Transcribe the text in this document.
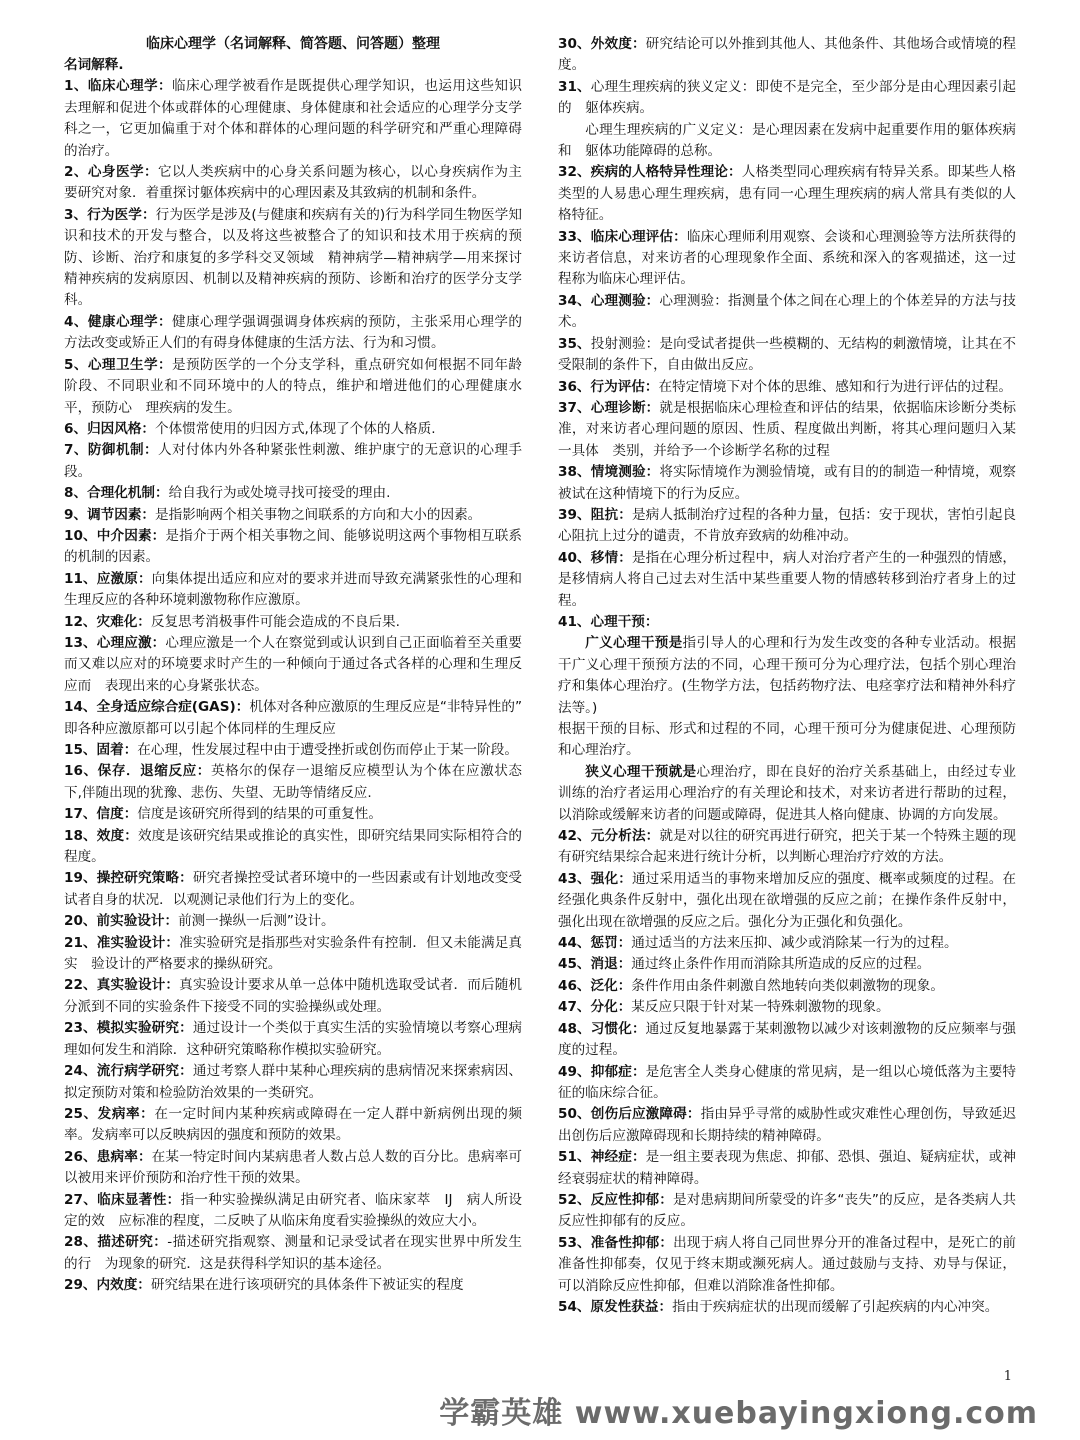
临床心理学（名词解释、简答题、问答题）整理

名词解释.

1、临床心理学：临床心理学被看作是既提供心理学知识，也运用这些知识去理解和促进个体或群体的心理健康、身体健康和社会适应的心理学分支学科之一，它更加偏重于对个体和群体的心理问题的科学研究和严重心理障碍的治疗。

2、心身医学：它以人类疾病中的心身关系问题为核心，以心身疾病作为主要研究对象．着重探讨躯体疾病中的心理因素及其致病的机制和条件。

3、行为医学：行为医学是涉及(与健康和疾病有关的)行为科学同生物医学知识和技术的开发与整合，以及将这些被整合了的知识和技术用于疾病的预防、诊断、治疗和康复的多学科交叉领域　精神病学—精神病学—用来探讨精神疾病的发病原因、机制以及精神疾病的预防、诊断和治疗的医学分支学科。

4、健康心理学：健康心理学强调强调身体疾病的预防，主张采用心理学的方法改变或矫正人们的有碍身体健康的生活方法、行为和习惯。

5、心理卫生学：是预防医学的一个分支学科，重点研究如何根据不同年龄阶段、不同职业和不同环境中的人的特点，维护和增进他们的心理健康水平，预防心　理疾病的发生。

6、归因风格：个体惯常使用的归因方式,体现了个体的人格质.

7、防御机制：人对付体内外各种紧张性刺激、维护康宁的无意识的心理手段。

8、合理化机制：给自我行为或处境寻找可接受的理由.

9、调节因素：是指影响两个相关事物之间联系的方向和大小的因素。

10、中介因素：是指介于两个相关事物之间、能够说明这两个事物相互联系的机制的因素。

11、应激原：向集体提出适应和应对的要求并进而导致充满紧张性的心理和生理反应的各种环境刺激物称作应激原。

12、灾难化：反复思考消极事件可能会造成的不良后果.

13、心理应激：心理应激是一个人在察觉到或认识到自己正面临着至关重要而又难以应对的环境要求时产生的一种倾向于通过各式各样的心理和生理反应而　表现出来的心身紧张状态。

14、全身适应综合症(GAS)：机体对各种应激原的生理反应是“非特异性的”　即各种应激原都可以引起个体同样的生理反应

15、固着：在心理，性发展过程中由于遭受挫折或创伤而停止于某一阶段。

16、保存．退缩反应：英格尔的保存一退缩反应模型认为个体在应激状态下,伴随出现的犹豫、悲伤、失望、无助等情绪反应.

17、信度：信度是该研究所得到的结果的可重复性。

18、效度：效度是该研究结果或推论的真实性，即研究结果同实际相符合的程度。

19、操控研究策略：研究者操控受试者环境中的一些因素或有计划地改变受试者自身的状况．以观测记录他们行为上的变化。

20、前实验设计：前测一操纵一后测”设计。

21、准实验设计：准实验研究是指那些对实验条件有控制．但又未能满足真实　验设计的严格要求的操纵研究。

22、真实验设计：真实验设计要求从单一总体中随机选取受试者．而后随机分派到不同的实验条件下接受不同的实验操纵或处理。

23、模拟实验研究：通过设计一个类似于真实生活的实验情境以考察心理病理如何发生和消除．这种研究策略称作模拟实验研究。

24、流行病学研究：通过考察人群中某种心理疾病的患病情况来探索病因、拟定预防对策和检验防治效果的一类研究。

25、发病率：在一定时间内某种疾病或障碍在一定人群中新病例出现的频率。发病率可以反映病因的强度和预防的效果。

26、患病率：在某一特定时间内某病患者人数占总人数的百分比。患病率可以被用来评价预防和治疗性干预的效果。

27、临床显著性：指一种实验操纵满足由研究者、临床家萃　IJ　病人所设定的效　应标准的程度，二反映了从临床角度看实验操纵的效应大小。

28、描述研究：-描述研究指观察、测量和记录受试者在现实世界中所发生的行　为现象的研究．这是获得科学知识的基本途径。

29、内效度：研究结果在进行该项研究的具体条件下被证实的程度

30、外效度：研究结论可以外推到其他人、其他条件、其他场合或情境的程度。

31、心理生理疾病的狭义定义：即使不是完全，至少部分是由心理因素引起的　躯体疾病。

心理生理疾病的广义定义：是心理因素在发病中起重要作用的躯体疾病和　躯体功能障碍的总称。

32、疾病的人格特异性理论：人格类型同心理疾病有特异关系。即某些人格类型的人易患心理生理疾病，患有同一心理生理疾病的病人常具有类似的人格特征。

33、临床心理评估：临床心理师利用观察、会谈和心理测验等方法所获得的来访者信息，对来访者的心理现象作全面、系统和深入的客观描述，这一过程称为临床心理评估。

34、心理测验：心理测验：指测量个体之间在心理上的个体差异的方法与技术。

35、投射测验：是向受试者提供一些模糊的、无结构的刺激情境，让其在不受限制的条件下，自由做出反应。

36、行为评估：在特定情境下对个体的思维、感知和行为进行评估的过程。

37、心理诊断：就是根据临床心理检查和评估的结果，依据临床诊断分类标准，对来访者心理问题的原因、性质、程度做出判断，将其心理问题归入某一具体　类别，并给予一个诊断学名称的过程

38、情境测验：将实际情境作为测验情境，或有目的的制造一种情境，观察被试在这种情境下的行为反应。

39、阻抗：是病人抵制治疗过程的各种力量，包括：安于现状，害怕引起良心阻抗上过分的谴责，不肯放弃致病的幼稚冲动。

40、移情：是指在心理分析过程中，病人对治疗者产生的一种强烈的情感，是移情病人将自己过去对生活中某些重要人物的情感转移到治疗者身上的过程。

41、心理干预：

广义心理干预是指引导人的心理和行为发生改变的各种专业活动。根据干广义心理干预预方法的不同，心理干预可分为心理疗法，包括个别心理治疗和集体心理治疗。(生物学方法，包括药物疗法、电痉挛疗法和精神外科疗法等。)

根据干预的目标、形式和过程的不同，心理干预可分为健康促进、心理预防和心理治疗。

狭义心理干预就是心理治疗，即在良好的治疗关系基础上，由经过专业训练的治疗者运用心理治疗的有关理论和技术，对来访者进行帮助的过程，以消除或缓解来访者的问题或障碍，促进其人格向健康、协调的方向发展。

42、元分析法：就是对以往的研究再进行研究，把关于某一个特殊主题的现有研究结果综合起来进行统计分析，以判断心理治疗疗效的方法。

43、强化：通过采用适当的事物来增加反应的强度、概率或频度的过程。在经强化典条件反射中，强化出现在欲增强的反应之前；在操作条件反射中，强化出现在欲增强的反应之后。强化分为正强化和负强化。

44、惩罚：通过适当的方法来压抑、减少或消除某一行为的过程。

45、消退：通过终止条件作用而消除其所造成的反应的过程。

46、泛化：条件作用由条件刺激自然地转向类似刺激物的现象。

47、分化：某反应只限于针对某一特殊刺激物的现象。

48、习惯化：通过反复地暴露于某刺激物以减少对该刺激物的反应频率与强度的过程。

49、抑郁症：是危害全人类身心健康的常见病，是一组以心境低落为主要特征的临床综合征。

50、创伤后应激障碍：指由异乎寻常的威胁性或灾难性心理创伤，导致延迟出创伤后应激障碍现和长期持续的精神障碍。

51、神经症：是一组主要表现为焦虑、抑郁、恐惧、强迫、疑病症状，或神经衰弱症状的精神障碍。

52、反应性抑郁：是对患病期间所蒙受的许多“丧失”的反应，是各类病人共反应性抑郁有的反应。

53、准备性抑郁：出现于病人将自己同世界分开的准备过程中，是死亡的前准备性抑郁奏，仅见于终末期或濒死病人。通过鼓励与支持、劝导与保证，可以消除反应性抑郁，但难以消除准备性抑郁。

54、原发性获益：指由于疾病症状的出现而缓解了引起疾病的内心冲突。

1
学霸英雄 www.xuebayingxiong.com
